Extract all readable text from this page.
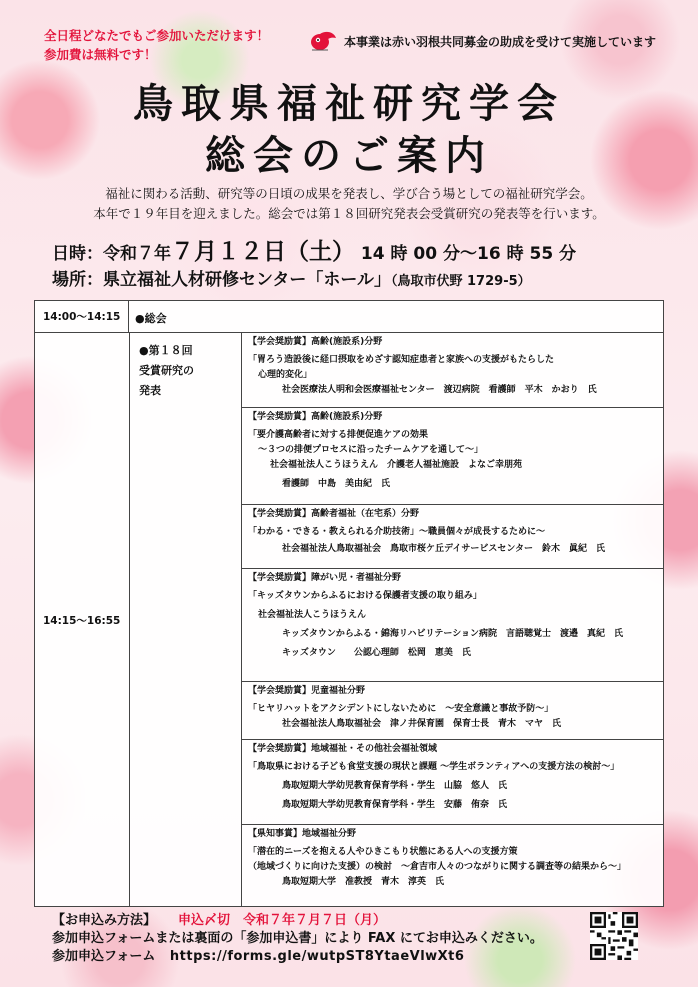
全日程どなたでもご参加いただけます！
参加費は無料です！
本事業は赤い羽根共同募金の助成を受けて実施しています
鳥取県福祉研究学会
総会のご案内
福祉に関わる活動、研究等の日頃の成果を発表し、学び合う場としての福祉研究学会。
本年で１９年目を迎えました。総会では第１８回研究発表会受賞研究の発表等を行います。
日時：令和７年７月１２日（土） 14 時 00 分〜16 時 55 分
場所：県立福祉人材研修センター「ホール」（鳥取市伏野 1729-5）
14:00〜14:15	●総会
14:15〜16:55
●第１８回
受賞研究の
発表
【学会奨励賞】高齢(施設系)分野
「胃ろう造設後に経口摂取をめざす認知症患者と家族への支援がもたらした
心理的変化」
社会医療法人明和会医療福祉センター　渡辺病院　看護師　平木　かおり　氏
【学会奨励賞】高齢(施設系)分野
「要介護高齢者に対する排便促進ケアの効果
〜３つの排便プロセスに沿ったチームケアを通して〜」
社会福祉法人こうほうえん　介護老人福祉施設　よなご幸朋苑
看護師　中島　美由紀　氏
【学会奨励賞】高齢者福祉（在宅系）分野
「わかる・できる・教えられる介助技術」〜職員個々が成長するために〜
社会福祉法人鳥取福祉会　鳥取市桜ケ丘デイサービスセンター　鈴木　眞紀　氏
【学会奨励賞】障がい児・者福祉分野
「キッズタウンからふるにおける保護者支援の取り組み」
社会福祉法人こうほうえん
キッズタウンからふる・錦海リハビリテーション病院　言語聴覚士　渡邉　真紀　氏
キッズタウン　　公認心理師　松岡　恵美　氏
【学会奨励賞】児童福祉分野
「ヒヤリハットをアクシデントにしないために　〜安全意識と事故予防〜」
社会福祉法人鳥取福祉会　津ノ井保育園　保育士長　青木　マヤ　氏
【学会奨励賞】地域福祉・その他社会福祉領域
「鳥取県における子ども食堂支援の現状と課題 〜学生ボランティアへの支援方法の検討〜」
鳥取短期大学幼児教育保育学科・学生　山脇　悠人　氏
鳥取短期大学幼児教育保育学科・学生　安藤　侑奈　氏
【県知事賞】地域福祉分野
「潜在的ニーズを抱える人やひきこもり状態にある人への支援方策
（地域づくりに向けた支援）の検討　〜倉吉市人々のつながりに関する調査等の結果から〜」
鳥取短期大学　准教授　青木　淳英　氏
【お申込み方法】 申込〆切　令和７年７月７日（月）
参加申込フォームまたは裏面の「参加申込書」により FAX にてお申込みください。
参加申込フォーム https://forms.gle/wutpST8YtaeVlwXt6
